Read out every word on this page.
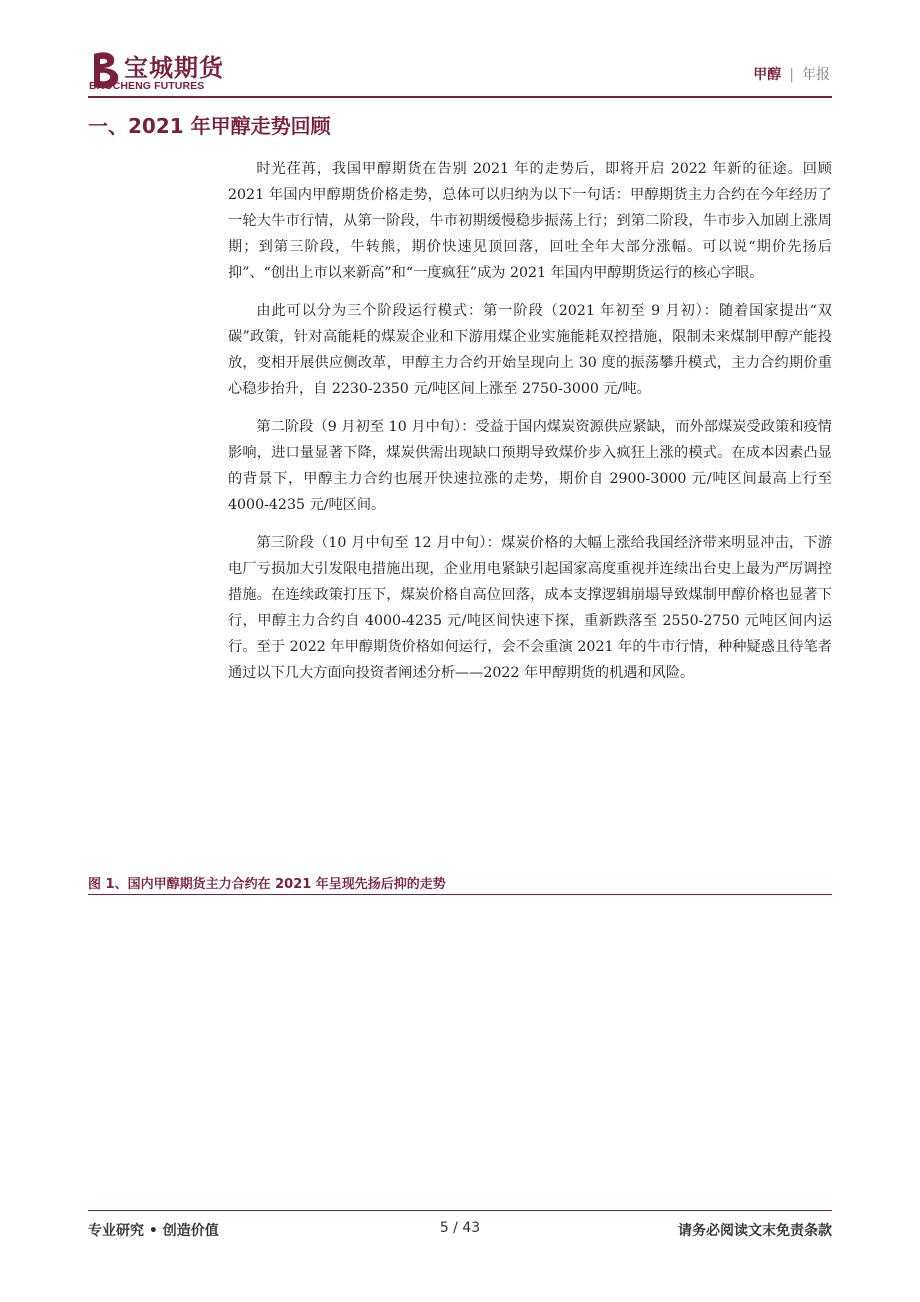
宝城期货
BAOCHENG FUTURES
甲醇 | 年报
一、2021 年甲醇走势回顾

时光荏苒，我国甲醇期货在告别 2021 年的走势后，即将开启 2022 年新的征途。回顾 2021 年国内甲醇期货价格走势，总体可以归纳为以下一句话：甲醇期货主力合约在今年经历了一轮大牛市行情，从第一阶段，牛市初期缓慢稳步振荡上行；到第二阶段，牛市步入加剧上涨周期；到第三阶段，牛转熊，期价快速见顶回落，回吐全年大部分涨幅。可以说“期价先扬后抑”、“创出上市以来新高”和“一度疯狂”成为 2021 年国内甲醇期货运行的核心字眼。

由此可以分为三个阶段运行模式：第一阶段（2021 年初至 9 月初）：随着国家提出“双碳”政策，针对高能耗的煤炭企业和下游用煤企业实施能耗双控措施，限制未来煤制甲醇产能投放，变相开展供应侧改革，甲醇主力合约开始呈现向上 30 度的振荡攀升模式，主力合约期价重心稳步抬升，自 2230-2350 元/吨区间上涨至 2750-3000 元/吨。

第二阶段（9 月初至 10 月中旬）：受益于国内煤炭资源供应紧缺，而外部煤炭受政策和疫情影响，进口量显著下降，煤炭供需出现缺口预期导致煤价步入疯狂上涨的模式。在成本因素凸显的背景下，甲醇主力合约也展开快速拉涨的走势，期价自 2900-3000 元/吨区间最高上行至 4000-4235 元/吨区间。

第三阶段（10 月中旬至 12 月中旬）：煤炭价格的大幅上涨给我国经济带来明显冲击，下游电厂亏损加大引发限电措施出现，企业用电紧缺引起国家高度重视并连续出台史上最为严厉调控措施。在连续政策打压下，煤炭价格自高位回落，成本支撑逻辑崩塌导致煤制甲醇价格也显著下行，甲醇主力合约自 4000-4235 元/吨区间快速下探，重新跌落至 2550-2750 元吨区间内运行。至于 2022 年甲醇期货价格如何运行，会不会重演 2021 年的牛市行情，种种疑惑且待笔者通过以下几大方面向投资者阐述分析——2022 年甲醇期货的机遇和风险。

图 1、国内甲醇期货主力合约在 2021 年呈现先扬后抑的走势
专业研究 • 创造价值	5 / 43	请务必阅读文末免责条款
